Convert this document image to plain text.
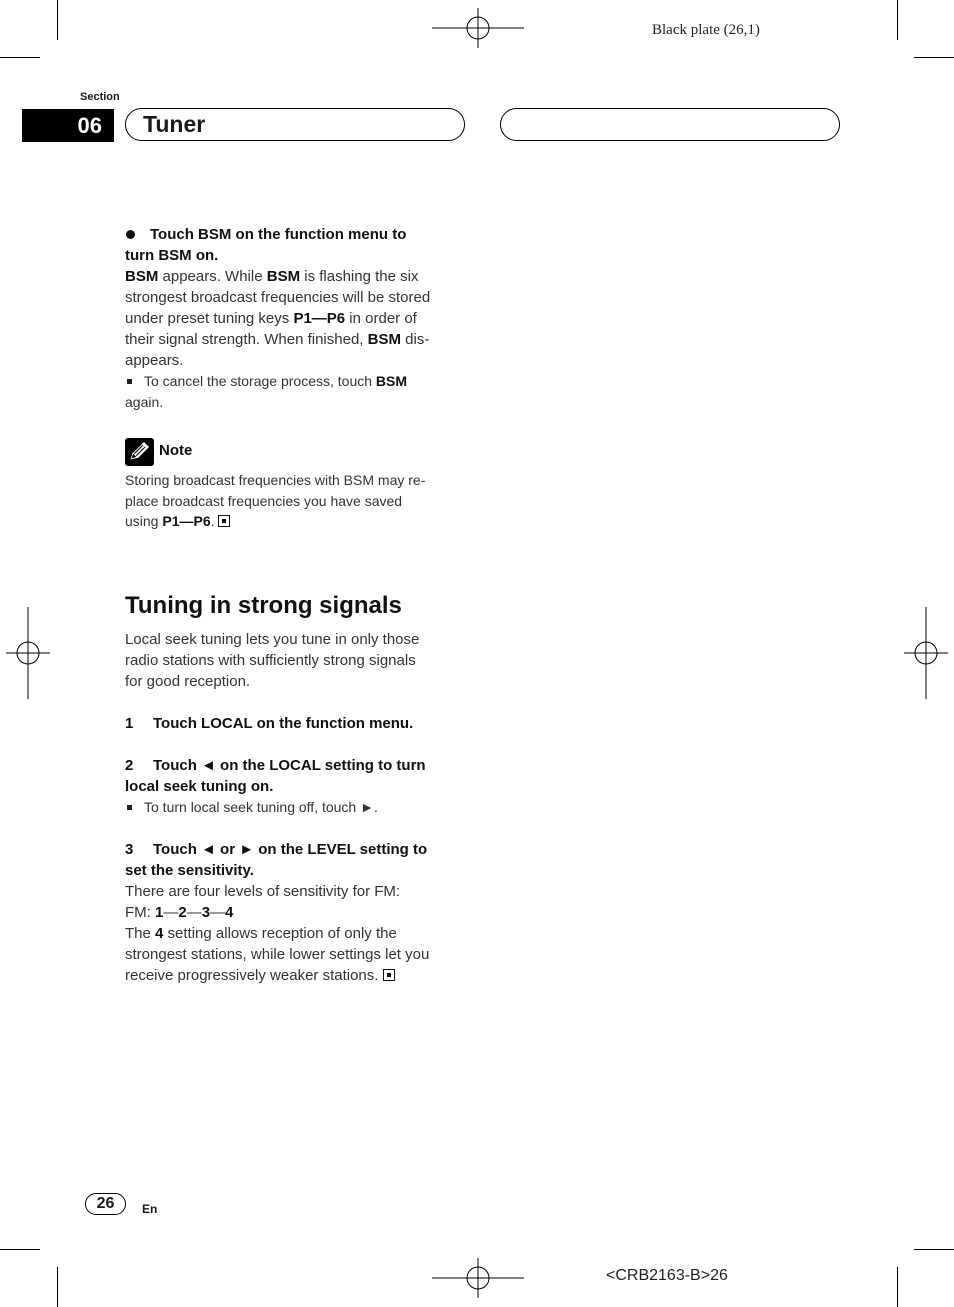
Black plate (26,1)
Section
06	Tuner
Touch BSM on the function menu to
turn BSM on.
BSM appears. While BSM is flashing the six
strongest broadcast frequencies will be stored
under preset tuning keys P1—P6 in order of
their signal strength. When finished, BSM dis-
appears.
To cancel the storage process, touch BSM
again.
Note
Storing broadcast frequencies with BSM may re-
place broadcast frequencies you have saved
using P1—P6.
Tuning in strong signals
Local seek tuning lets you tune in only those
radio stations with sufficiently strong signals
for good reception.
1 Touch LOCAL on the function menu.
2 Touch ◄ on the LOCAL setting to turn
local seek tuning on.
To turn local seek tuning off, touch ►.
3 Touch ◄ or ► on the LEVEL setting to
set the sensitivity.
There are four levels of sensitivity for FM:
FM: 1—2—3—4
The 4 setting allows reception of only the
strongest stations, while lower settings let you
receive progressively weaker stations.
26	En
<CRB2163-B>26
